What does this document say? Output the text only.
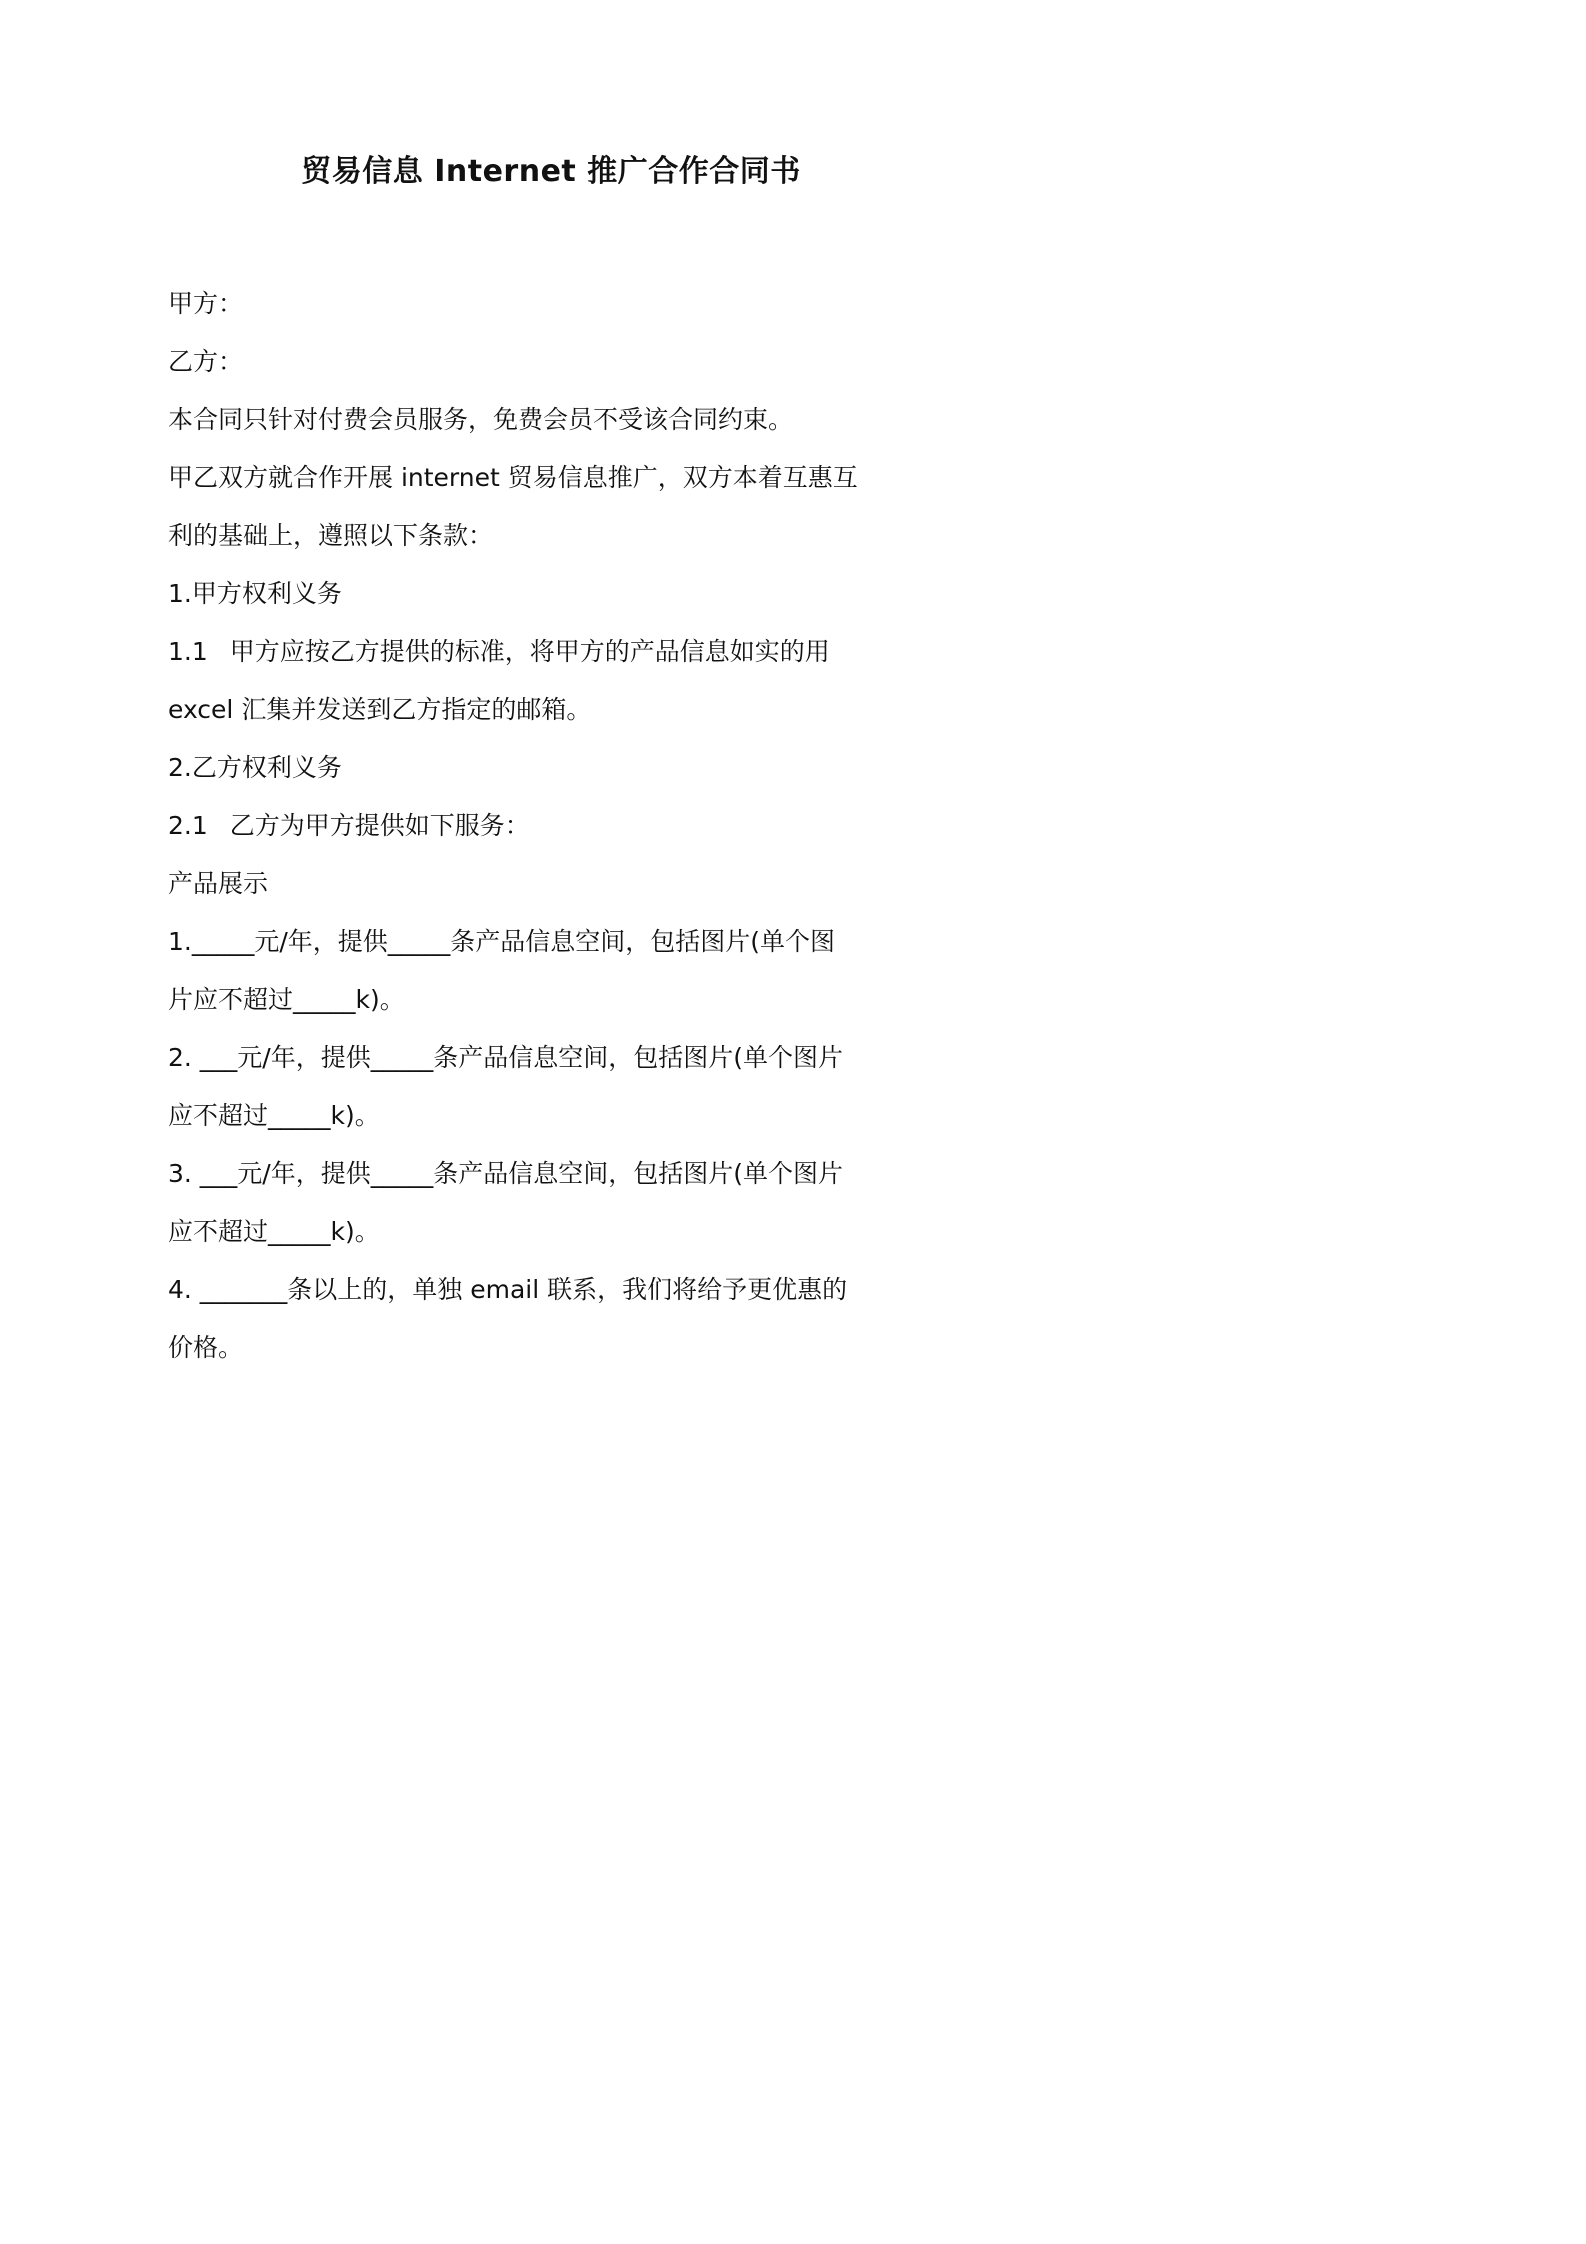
贸易信息 Internet 推广合作合同书

甲方：

乙方：

本合同只针对付费会员服务，免费会员不受该合同约束。

甲乙双方就合作开展 internet 贸易信息推广，双方本着互惠互

利的基础上，遵照以下条款：

1.甲方权利义务

1.1 甲方应按乙方提供的标准，将甲方的产品信息如实的用

excel 汇集并发送到乙方指定的邮箱。

2.乙方权利义务

2.1 乙方为甲方提供如下服务：

产品展示

1._____元/年，提供_____条产品信息空间，包括图片(单个图

片应不超过_____k)。

2. ___元/年，提供_____条产品信息空间，包括图片(单个图片

应不超过_____k)。

3. ___元/年，提供_____条产品信息空间，包括图片(单个图片

应不超过_____k)。

4. _______条以上的，单独 email 联系，我们将给予更优惠的

价格。
